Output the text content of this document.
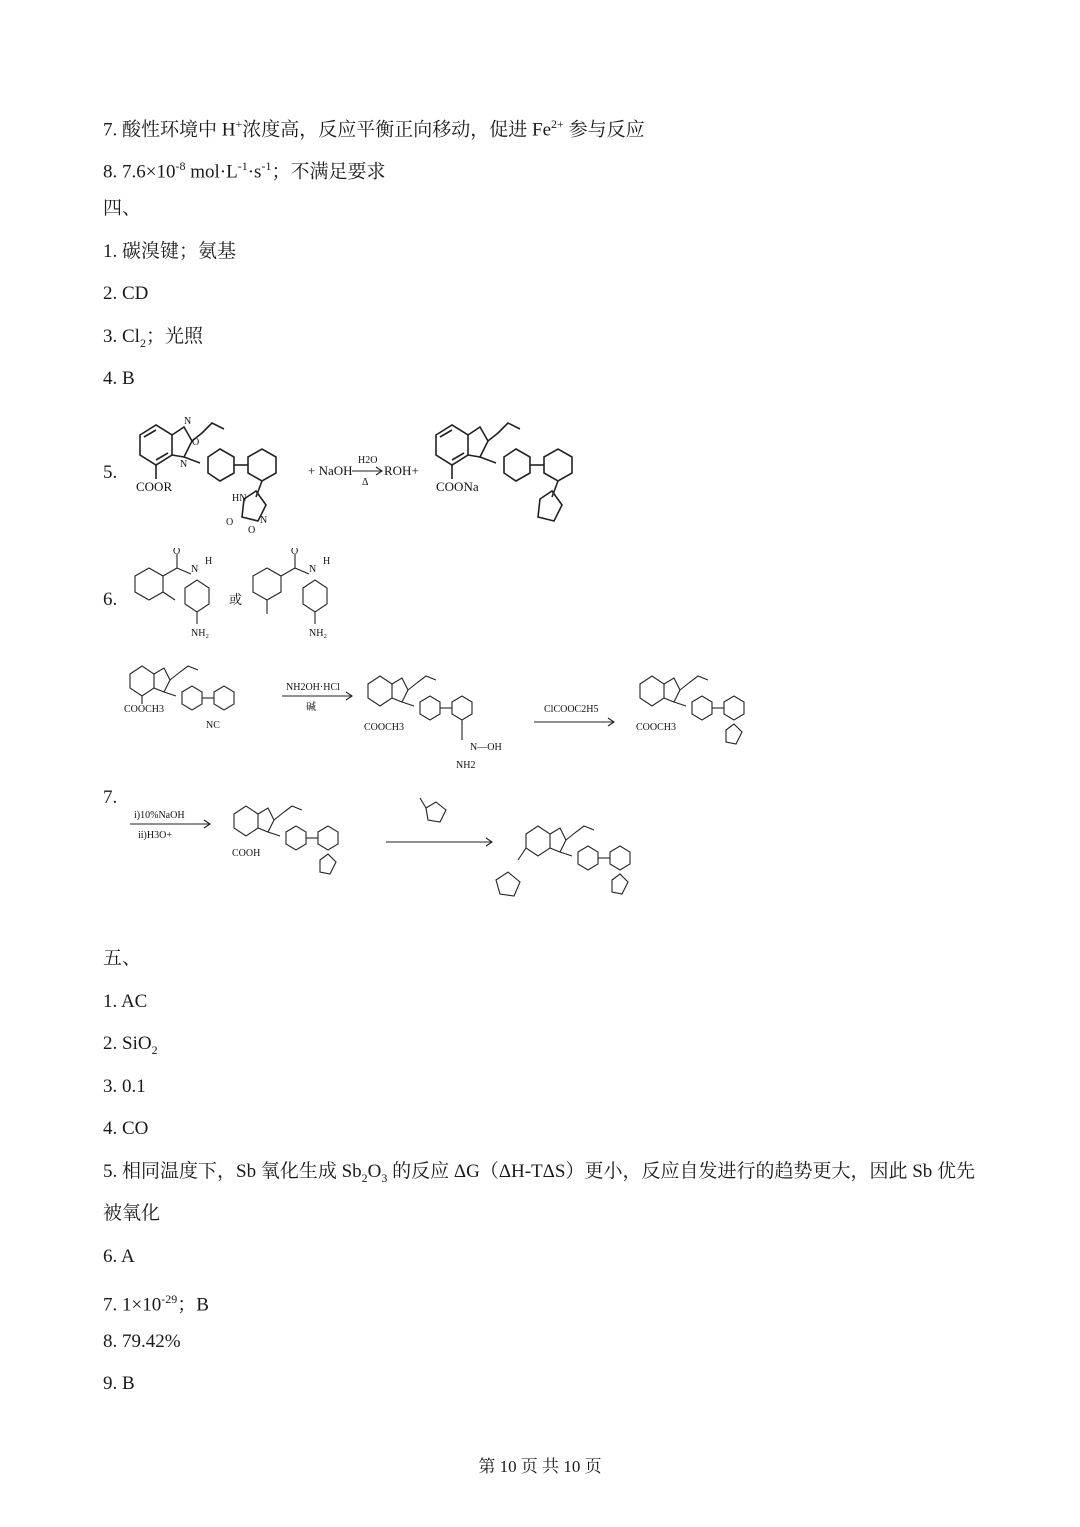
7. 酸性环境中 H+浓度高，反应平衡正向移动，促进 $Fe^{2+}$ 参与反应
8. $7.6\times 10^{-8}$ $mol\cdot L^{-1}\cdot s^{-1}$；不满足要求
四、
1. 碳溴键；氨基
2. CD
3. $Cl_2$；光照
4. B
5.
N
O
N
COOR
HN
O	N
O
+ NaOH
H2O
Δ
ROH+
COONa
6.
O
N
H
NH₂
或
O
N
H
NH₂
7.
COOCH3
NC
NH2OH·HCl
碱
COOCH3
N—OH
NH2
ClCOOC2H5
COOCH3
i)10%NaOH
ii)H3O+
COOH
五、
1. AC
2. SiO$_2$
3. 0.1
4. CO
5. 相同温度下，Sb 氧化生成 $Sb_2O_3$ 的反应 ΔG（ΔH-TΔS）更小，反应自发进行的趋势更大，因此 Sb 优先
被氧化
6. A
7. $1\times 10^{-29}$；B
8. 79.42%
9. B
第 10 页 共 10 页
